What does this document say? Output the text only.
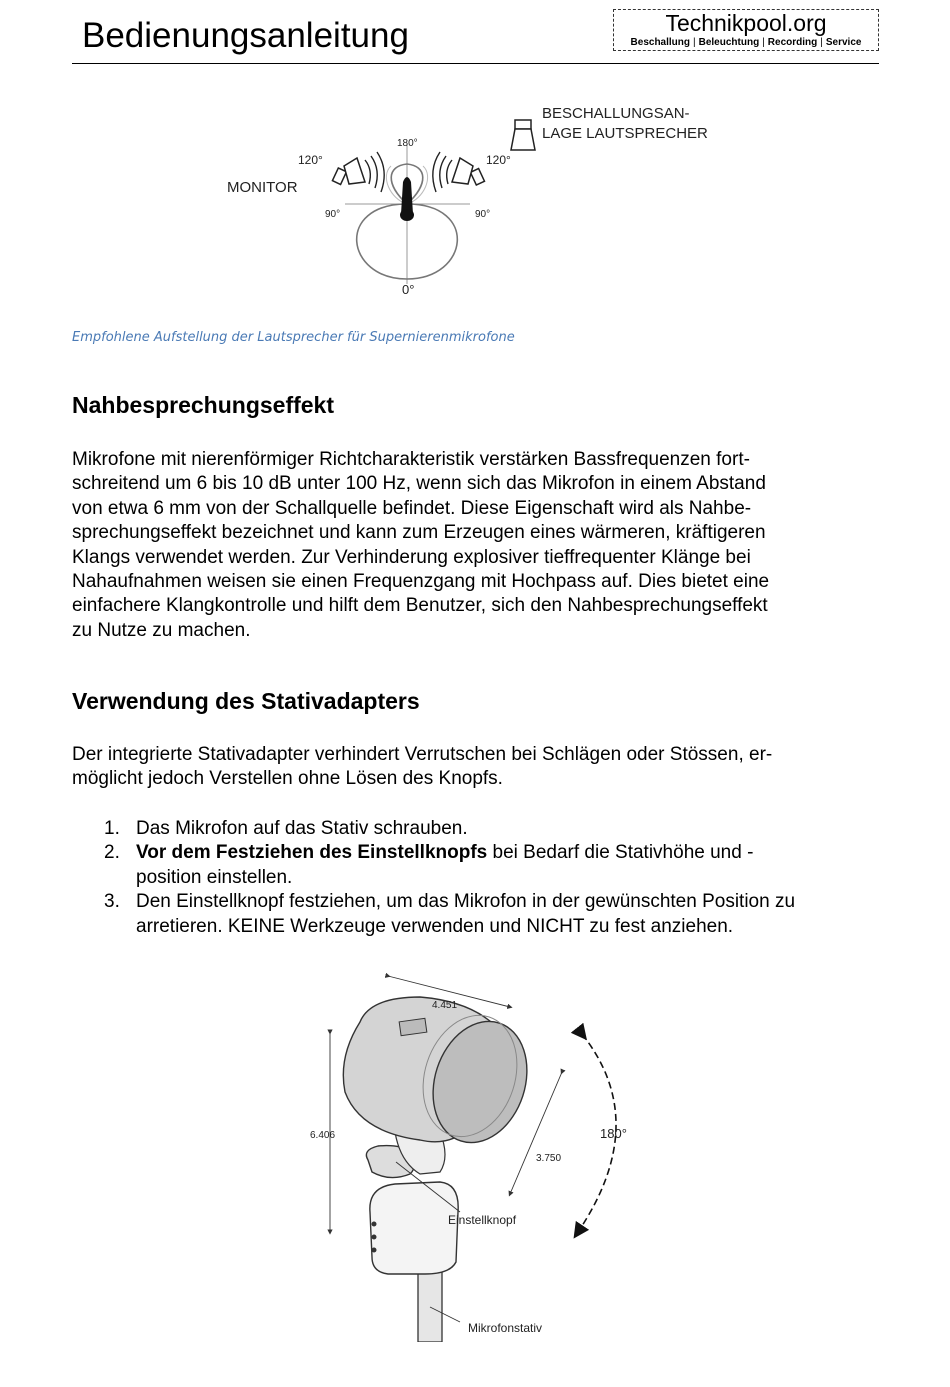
Bedienungsanleitung	Technikpool.org
Beschallung | Beleuchtung | Recording | Service
MONITOR
BESCHALLUNGSAN-
LAGE LAUTSPRECHER
180°
120°	120°
90°	90°
0°
Empfohlene Aufstellung der Lautsprecher für Supernierenmikrofone
Nahbesprechungseffekt
Mikrofone mit nierenförmiger Richtcharakteristik verstärken Bassfrequenzen fort-
schreitend um 6 bis 10 dB unter 100 Hz, wenn sich das Mikrofon in einem Abstand
von etwa 6 mm von der Schallquelle befindet. Diese Eigenschaft wird als Nahbe-
sprechungseffekt bezeichnet und kann zum Erzeugen eines wärmeren, kräftigeren
Klangs verwendet werden. Zur Verhinderung explosiver tieffrequenter Klänge bei
Nahaufnahmen weisen sie einen Frequenzgang mit Hochpass auf. Dies bietet eine
einfachere Klangkontrolle und hilft dem Benutzer, sich den Nahbesprechungseffekt
zu Nutze zu machen.
Verwendung des Stativadapters
Der integrierte Stativadapter verhindert Verrutschen bei Schlägen oder Stössen, er-
möglicht jedoch Verstellen ohne Lösen des Knopfs.
1. Das Mikrofon auf das Stativ schrauben.
2. Vor dem Festziehen des Einstellknopfs bei Bedarf die Stativhöhe und -
position einstellen.
3. Den Einstellknopf festziehen, um das Mikrofon in der gewünschten Position zu
arretieren. KEINE Werkzeuge verwenden und NICHT zu fest anziehen.
6.406
4.451
3.750
180°
Einstellknopf
Mikrofonstativ
